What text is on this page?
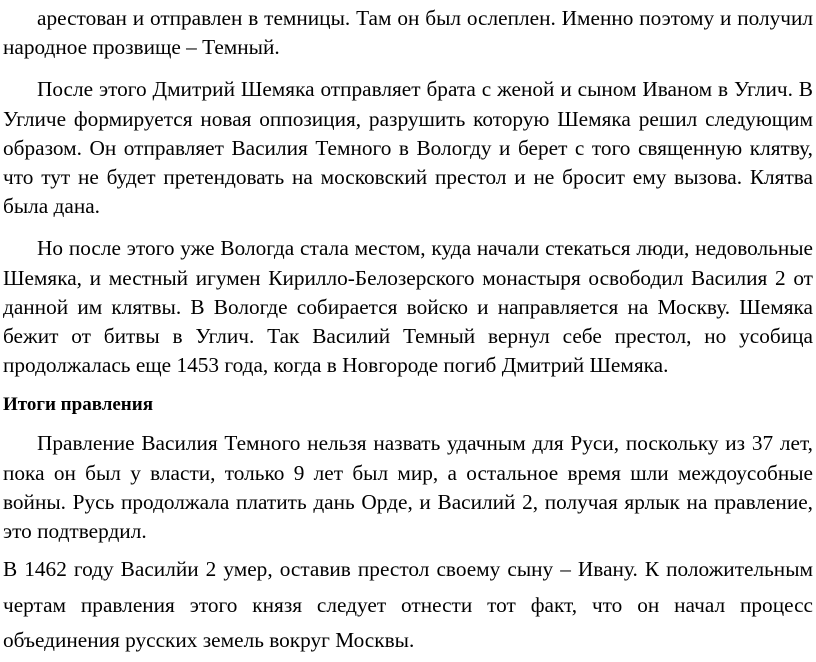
арестован и отправлен в темницы. Там он был ослеплен. Именно поэтому и получил народное прозвище – Темный.

После этого Дмитрий Шемяка отправляет брата с женой и сыном Иваном в Углич. В Угличе формируется новая оппозиция, разрушить которую Шемяка решил следующим образом. Он отправляет Василия Темного в Вологду и берет с того священную клятву, что тут не будет претендовать на московский престол и не бросит ему вызова. Клятва была дана.

Но после этого уже Вологда стала местом, куда начали стекаться люди, недовольные Шемяка, и местный игумен Кирилло-Белозерского монастыря освободил Василия 2 от данной им клятвы. В Вологде собирается войско и направляется на Москву. Шемяка бежит от битвы в Углич. Так Василий Темный вернул себе престол, но усобица продолжалась еще 1453 года, когда в Новгороде погиб Дмитрий Шемяка.

Итоги правления

Правление Василия Темного нельзя назвать удачным для Руси, поскольку из 37 лет, пока он был у власти, только 9 лет был мир, а остальное время шли междоусобные войны. Русь продолжала платить дань Орде, и Василий 2, получая ярлык на правление, это подтвердил.

В 1462 году Василйи 2 умер, оставив престол своему сыну – Ивану. К положительным чертам правления этого князя следует отнести тот факт, что он начал процесс объединения русских земель вокруг Москвы.
